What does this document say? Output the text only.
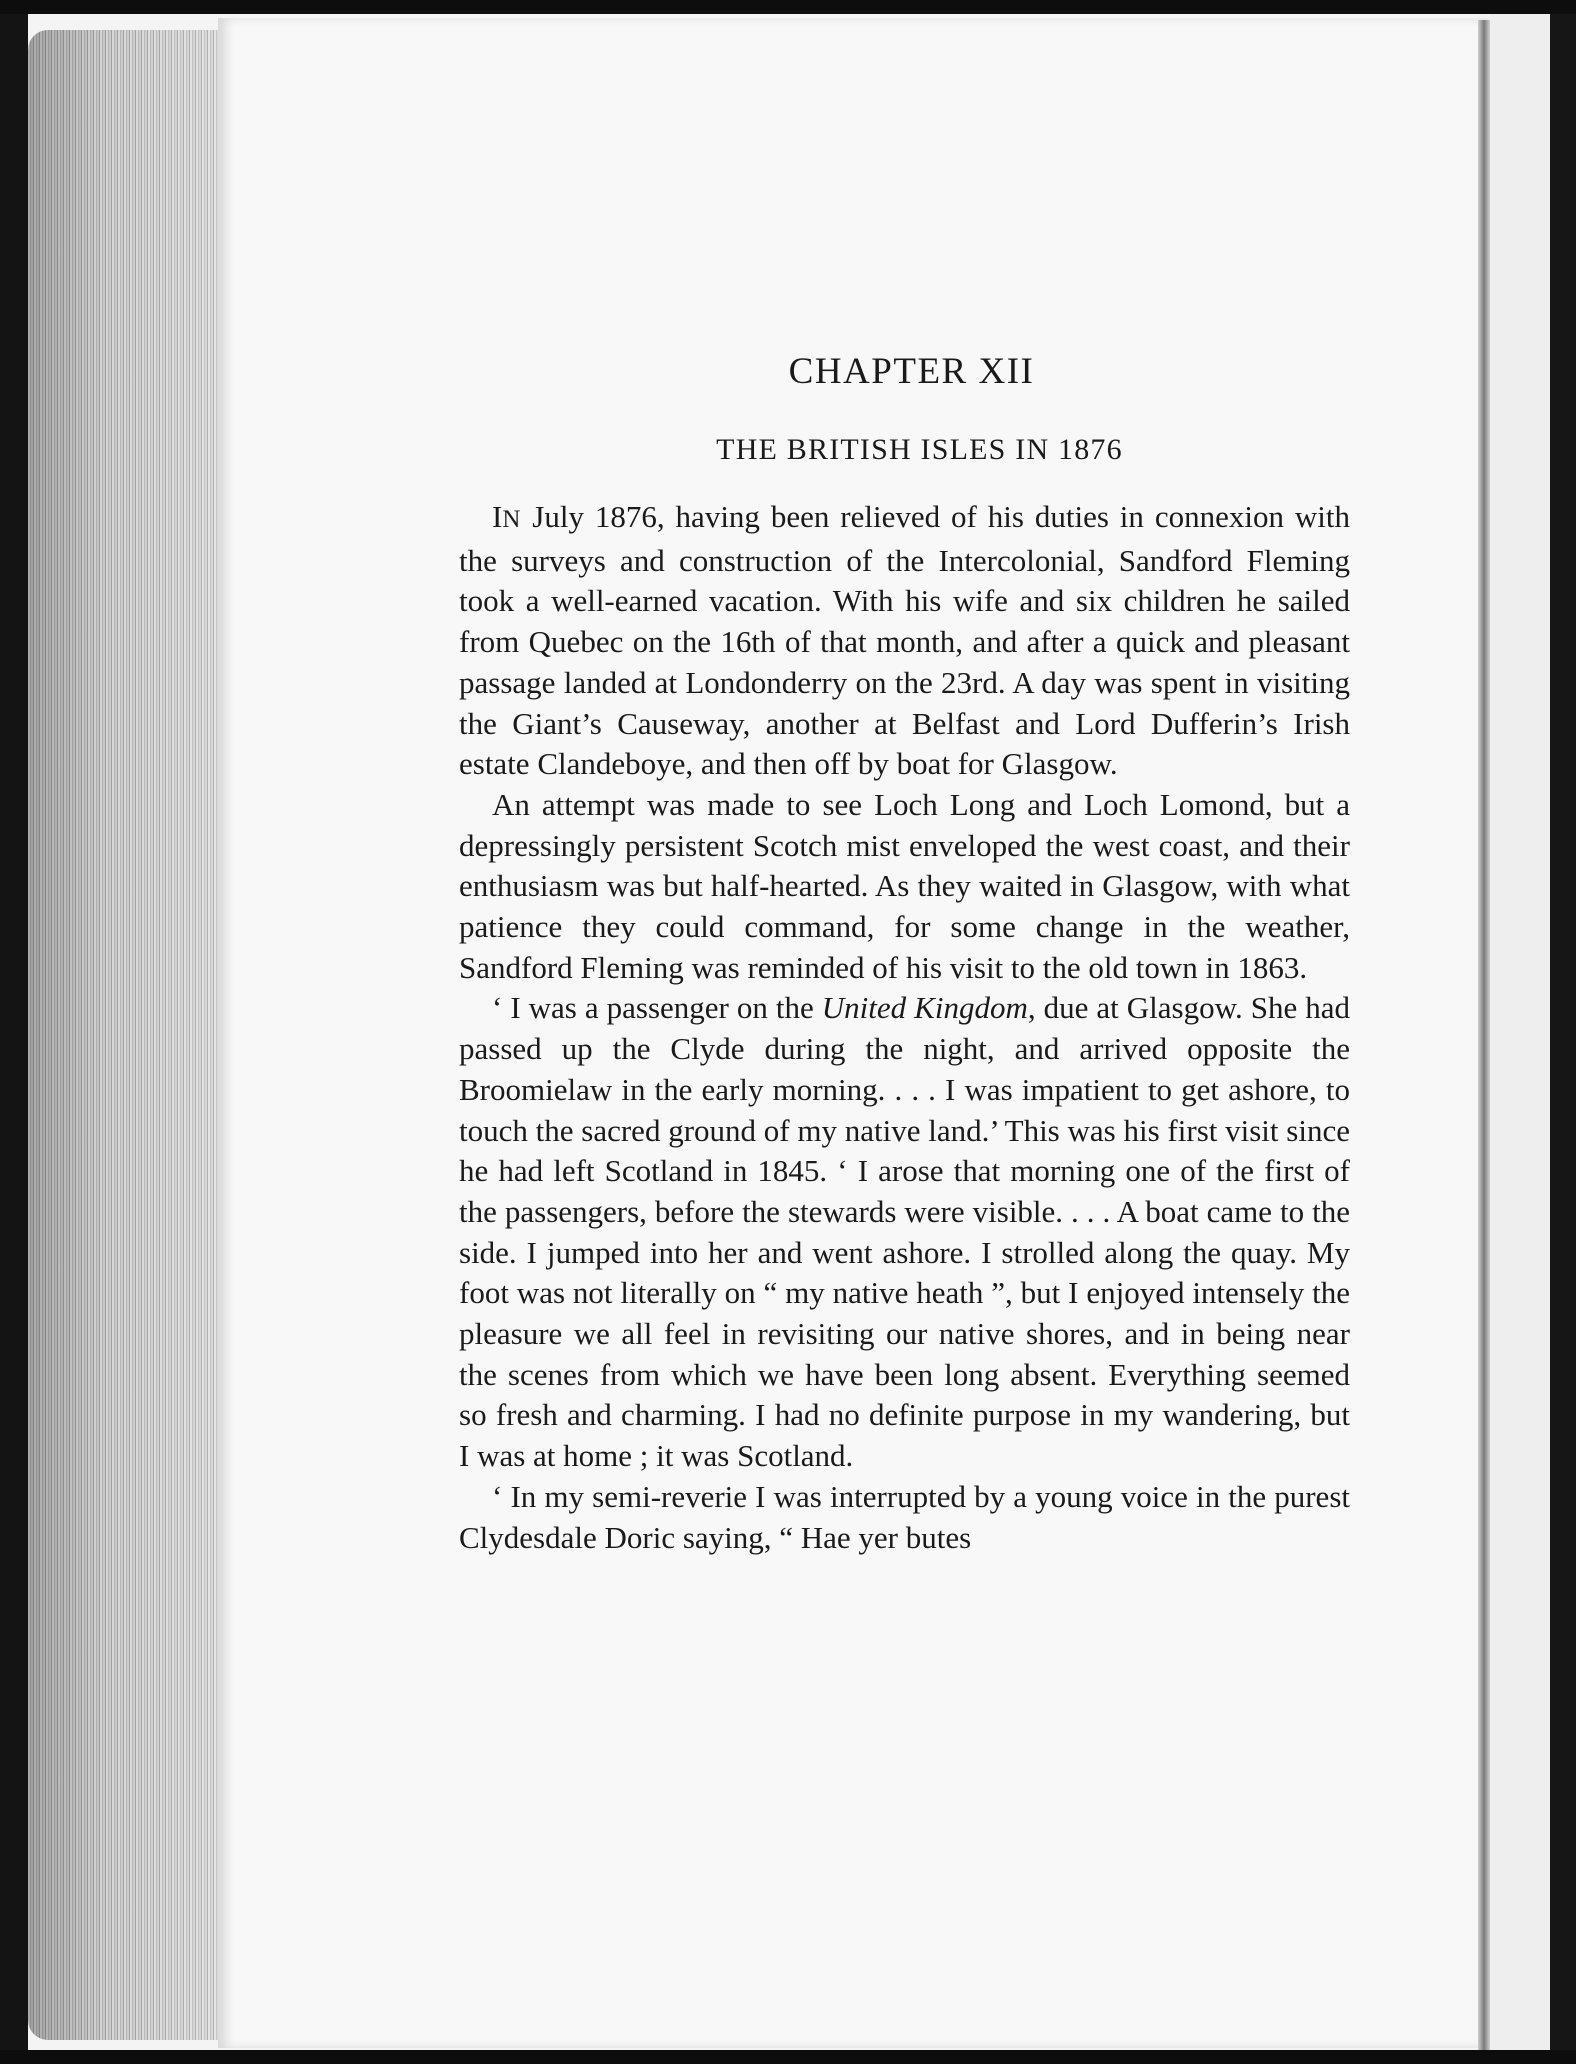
CHAPTER XII
THE BRITISH ISLES IN 1876

IN July 1876, having been relieved of his duties in connexion with the surveys and construction of the Intercolonial, Sandford Fleming took a well-earned vacation. With his wife and six children he sailed from Quebec on the 16th of that month, and after a quick and pleasant passage landed at Londonderry on the 23rd. A day was spent in visiting the Giant’s Causeway, another at Belfast and Lord Dufferin’s Irish estate Clandeboye, and then off by boat for Glasgow.

An attempt was made to see Loch Long and Loch Lomond, but a depressingly persistent Scotch mist enveloped the west coast, and their enthusiasm was but half-hearted. As they waited in Glasgow, with what patience they could command, for some change in the weather, Sandford Fleming was reminded of his visit to the old town in 1863.

‘ I was a passenger on the United Kingdom, due at Glasgow. She had passed up the Clyde during the night, and arrived opposite the Broomielaw in the early morning. . . . I was impatient to get ashore, to touch the sacred ground of my native land.’ This was his first visit since he had left Scotland in 1845. ‘ I arose that morning one of the first of the passengers, before the stewards were visible. . . . A boat came to the side. I jumped into her and went ashore. I strolled along the quay. My foot was not literally on “ my native heath ”, but I enjoyed intensely the pleasure we all feel in revisiting our native shores, and in being near the scenes from which we have been long absent. Everything seemed so fresh and charming. I had no definite purpose in my wandering, but I was at home ; it was Scotland.

‘ In my semi-reverie I was interrupted by a young voice in the purest Clydesdale Doric saying, “ Hae yer butes
